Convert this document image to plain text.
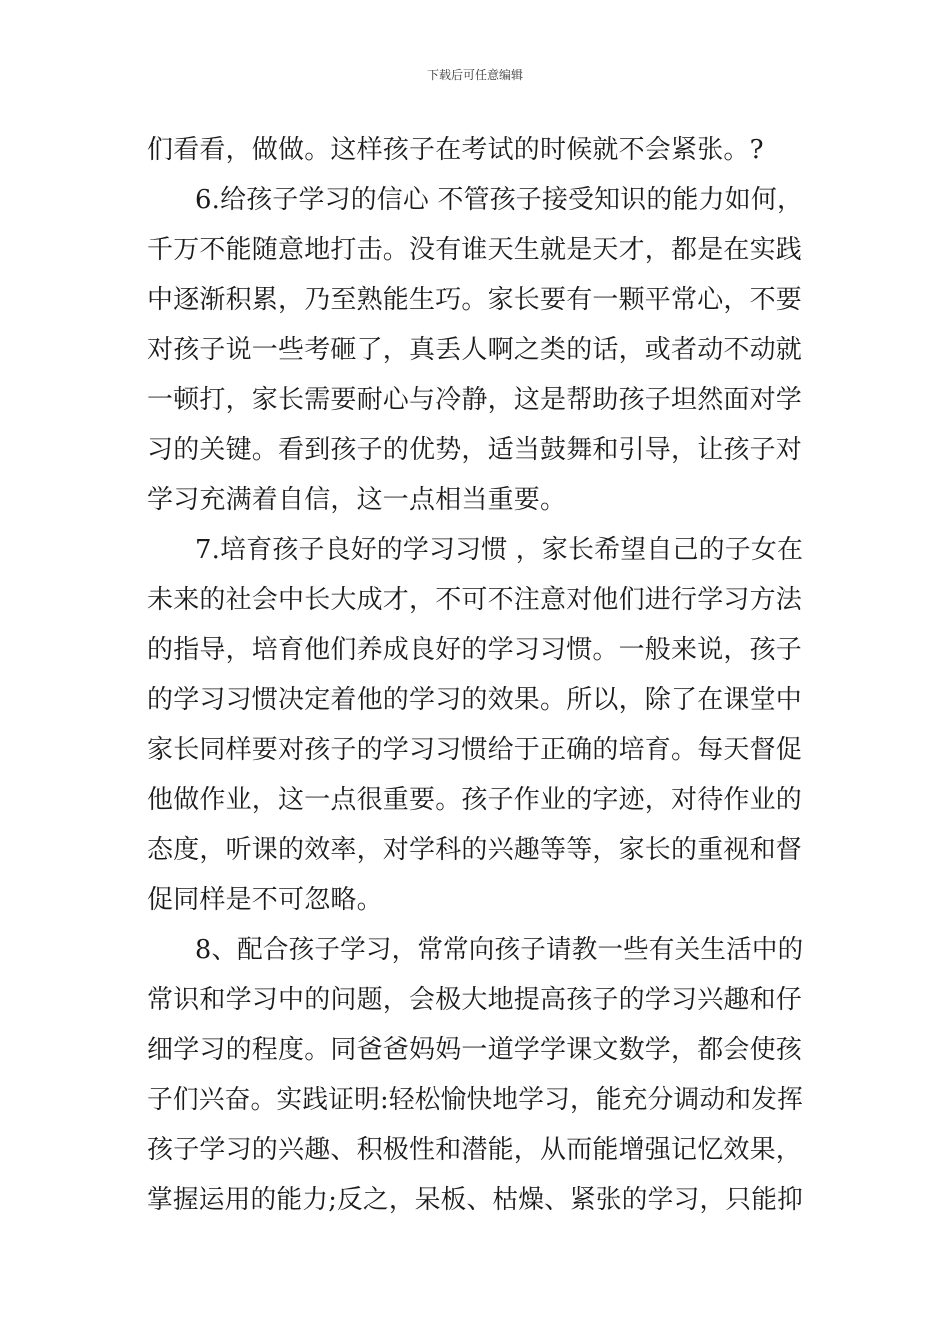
下载后可任意编辑
们看看，做做。这样孩子在考试的时候就不会紧张。?
6.给孩子学习的信心 不管孩子接受知识的能力如何，
千万不能随意地打击。没有谁天生就是天才，都是在实践
中逐渐积累，乃至熟能生巧。家长要有一颗平常心，不要
对孩子说一些考砸了，真丢人啊之类的话，或者动不动就
一顿打，家长需要耐心与冷静，这是帮助孩子坦然面对学
习的关键。看到孩子的优势，适当鼓舞和引导，让孩子对
学习充满着自信，这一点相当重要。
7.培育孩子良好的学习习惯 ，家长希望自己的子女在
未来的社会中长大成才，不可不注意对他们进行学习方法
的指导，培育他们养成良好的学习习惯。一般来说，孩子
的学习习惯决定着他的学习的效果。所以，除了在课堂中
家长同样要对孩子的学习习惯给于正确的培育。每天督促
他做作业，这一点很重要。孩子作业的字迹，对待作业的
态度，听课的效率，对学科的兴趣等等，家长的重视和督
促同样是不可忽略。
8、配合孩子学习，常常向孩子请教一些有关生活中的
常识和学习中的问题，会极大地提高孩子的学习兴趣和仔
细学习的程度。同爸爸妈妈一道学学课文数学，都会使孩
子们兴奋。实践证明:轻松愉快地学习，能充分调动和发挥
孩子学习的兴趣、积极性和潜能，从而能增强记忆效果，
掌握运用的能力;反之，呆板、枯燥、紧张的学习，只能抑
